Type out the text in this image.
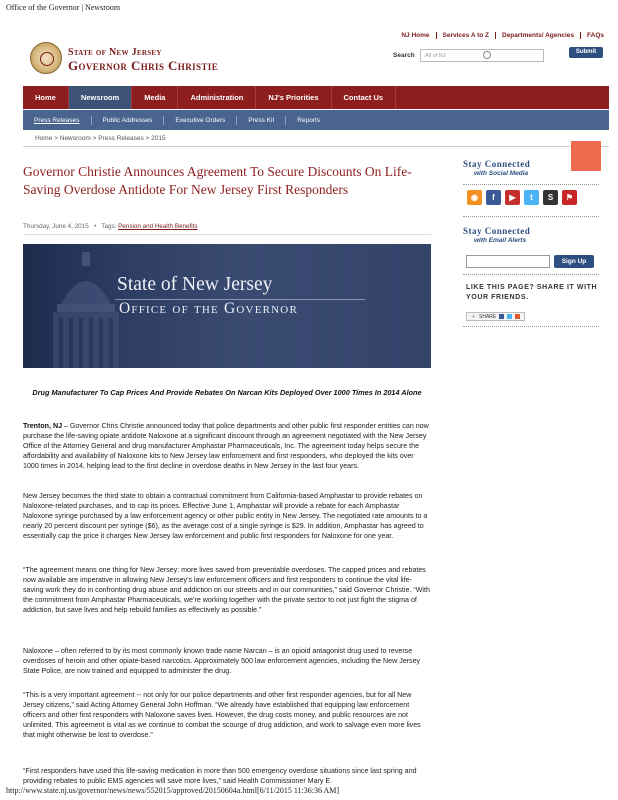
Office of the Governor | Newsroom
NJ Home	Services A to Z	Departments/ Agencies	FAQs
Search	All of NJ
Submit
State of New Jersey
Governor Chris Christie
Home	Newsroom	Media	Administration	NJ's Priorities	Contact Us
Press Releases	Public Addresses	Executive Orders	Press Kit	Reports
Home > Newsroom > Press Releases > 2015
Governor Christie Announces Agreement To Secure Discounts On Life-Saving Overdose Antidote For New Jersey First Responders
Thursday, June 4, 2015   •   Tags: Pension and Health Benefits
State of New Jersey
Office of the Governor
Drug Manufacturer To Cap Prices And Provide Rebates On Narcan Kits Deployed Over 1000 Times In 2014 Alone
Trenton, NJ – Governor Chris Christie announced today that police departments and other public first responder entities can now purchase the life-saving opiate antidote Naloxone at a significant discount through an agreement negotiated with the New Jersey Office of the Attorney General and drug manufacturer Amphastar Pharmaceuticals, Inc. The agreement today helps secure the affordability and availability of Naloxone kits to New Jersey law enforcement and first responders, who deployed the kits over 1000 times in 2014, helping lead to the first decline in overdose deaths in New Jersey in the last four years.
New Jersey becomes the third state to obtain a contractual commitment from California-based Amphastar to provide rebates on Naloxone-related purchases, and to cap its prices. Effective June 1, Amphastar will provide a rebate for each Amphastar Naloxone syringe purchased by a law enforcement agency or other public entity in New Jersey. The negotiated rate amounts to a nearly 20 percent discount per syringe ($6), as the average cost of a single syringe is $29. In addition, Amphastar has agreed to essentially cap the price it charges New Jersey law enforcement and public first responders for Naloxone for one year.
“The agreement means one thing for New Jersey: more lives saved from preventable overdoses. The capped prices and rebates now available are imperative in allowing New Jersey’s law enforcement officers and first responders to continue the vital life-saving work they do in confronting drug abuse and addiction on our streets and in our communities,” said Governor Christie. “With the commitment from Amphastar Pharmaceuticals, we’re working together with the private sector to not just fight the stigma of addiction, but save lives and help rebuild families as effectively as possible.”
Naloxone – often referred to by its most commonly known trade name Narcan – is an opioid antagonist drug used to reverse overdoses of heroin and other opiate-based narcotics. Approximately 500 law enforcement agencies, including the New Jersey State Police, are now trained and equipped to administer the drug.
“This is a very important agreement -- not only for our police departments and other first responder agencies, but for all New Jersey citizens,” said Acting Attorney General John Hoffman. “We already have established that equipping law enforcement officers and other first responders with Naloxone saves lives. However, the drug costs money, and public resources are not unlimited. This agreement is vital as we continue to combat the scourge of drug addiction, and work to salvage even more lives that might otherwise be lost to overdose.”
“First responders have used this life-saving medication in more than 500 emergency overdose situations since last spring and providing rebates to public EMS agencies will save more lives,” said Health Commissioner Mary E.
Stay Connected
with Social Media
◉	f	▶	t	S	⚑
Stay Connected
with Email Alerts
Sign Up
LIKE THIS PAGE? SHARE IT WITH YOUR FRIENDS.
＋ SHARE
http://www.state.nj.us/governor/news/news/552015/approved/20150604a.html[6/11/2015 11:36:36 AM]
